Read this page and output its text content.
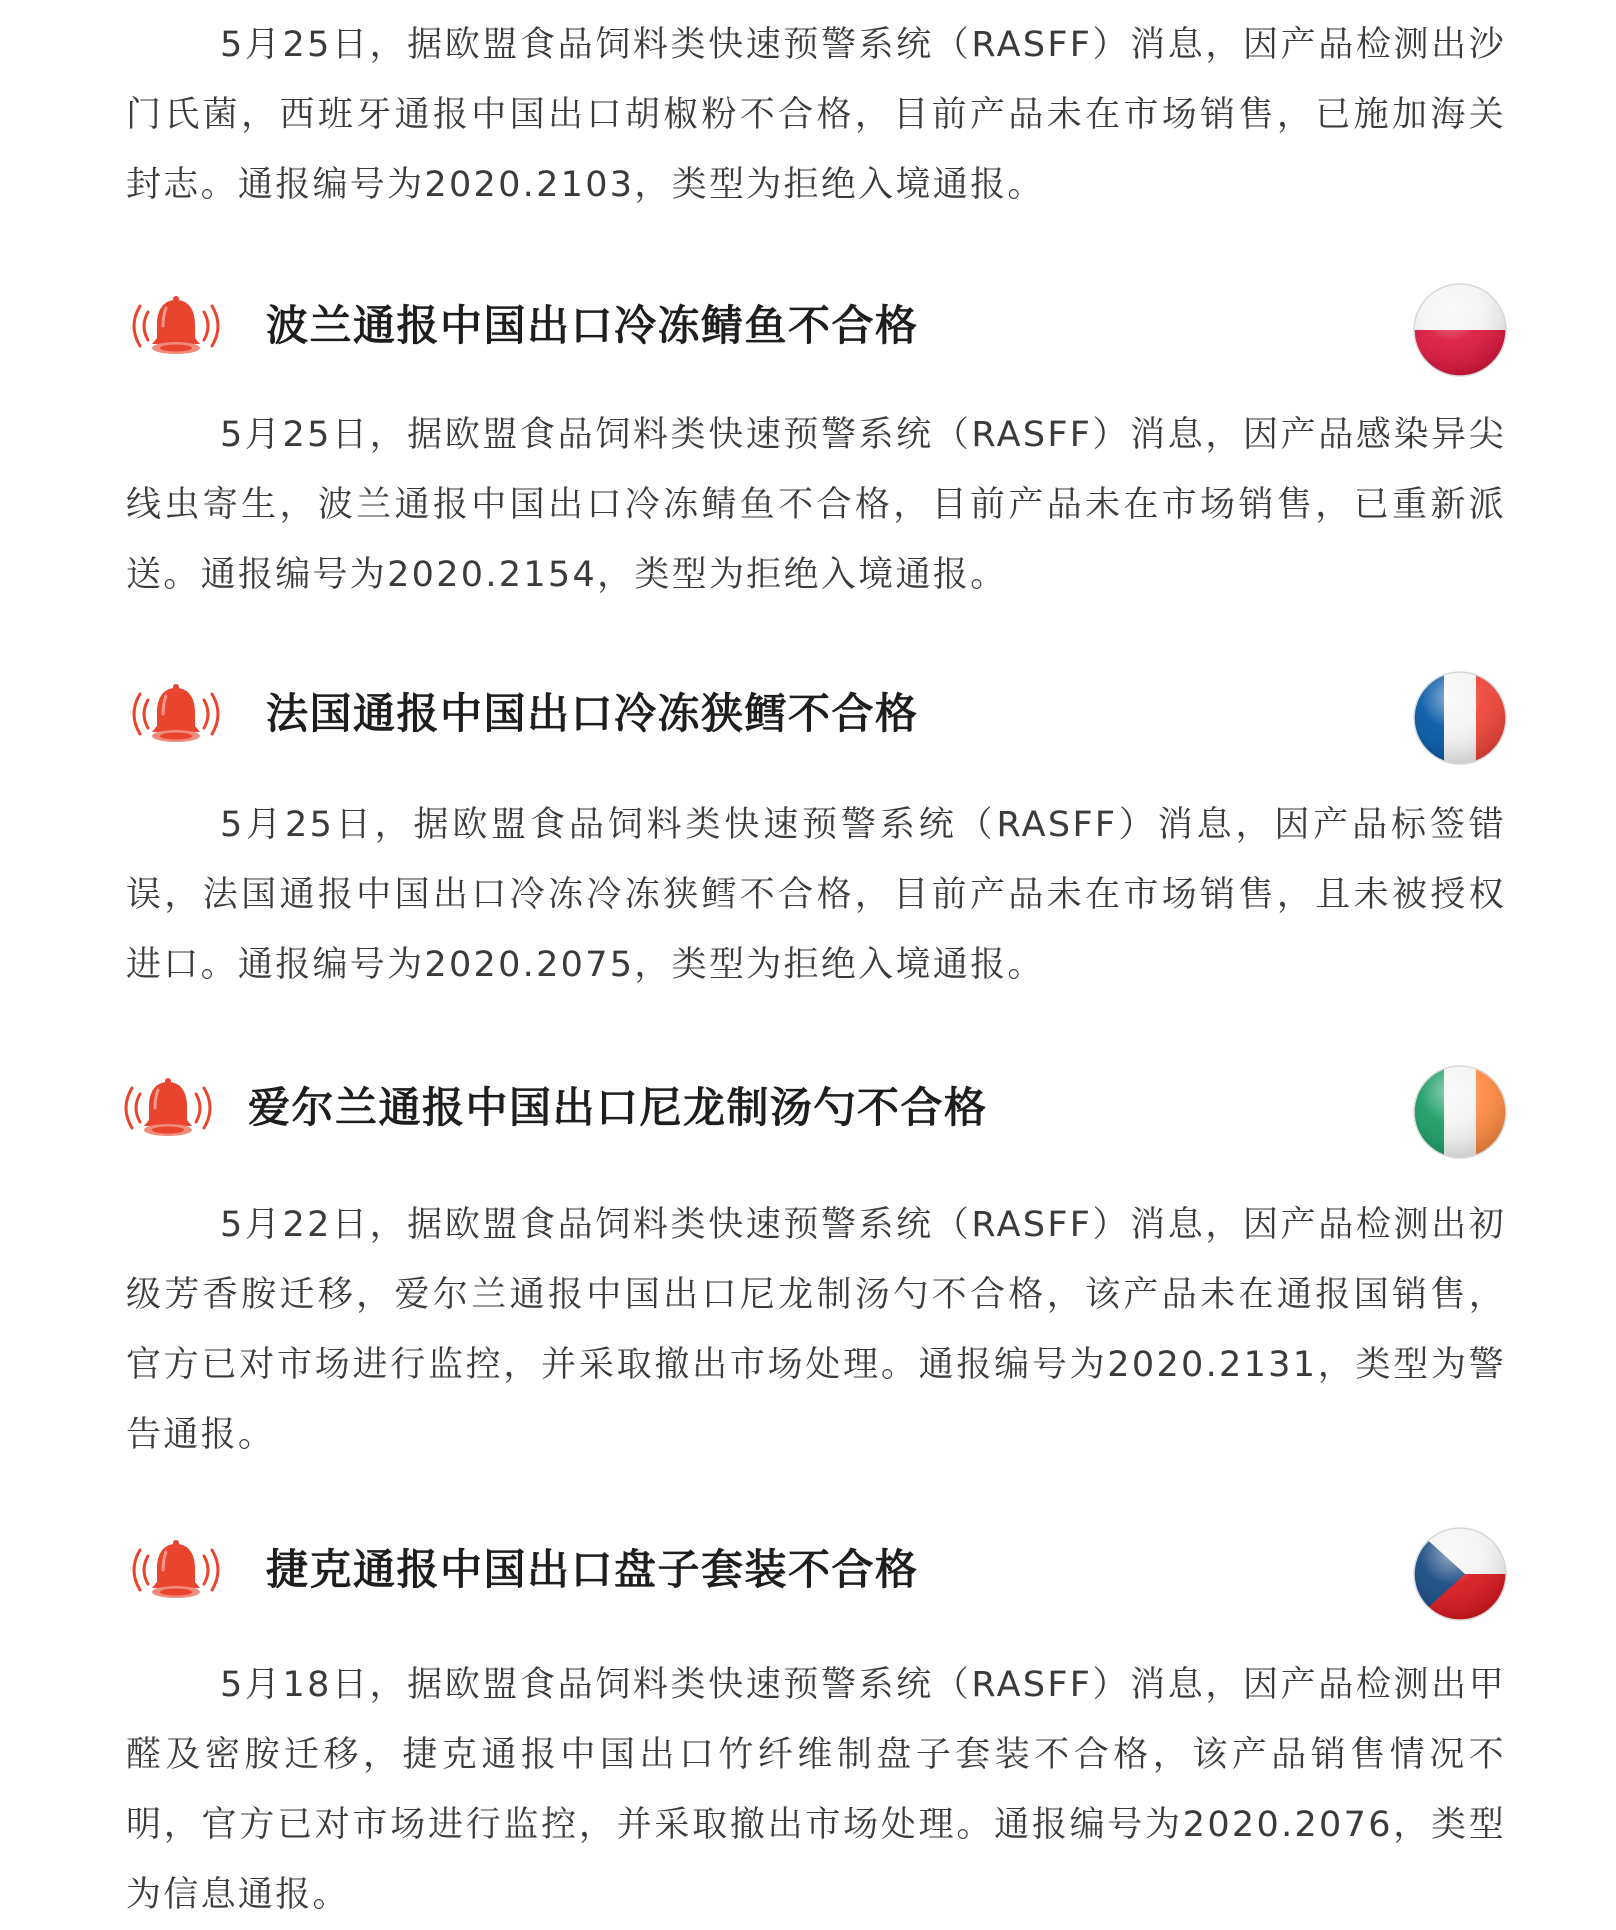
5月25日，据欧盟食品饲料类快速预警系统（RASFF）消息，因产品检测出沙门氏菌，西班牙通报中国出口胡椒粉不合格，目前产品未在市场销售，已施加海关封志。通报编号为2020.2103，类型为拒绝入境通报。

波兰通报中国出口冷冻鲭鱼不合格

5月25日，据欧盟食品饲料类快速预警系统（RASFF）消息，因产品感染异尖线虫寄生，波兰通报中国出口冷冻鲭鱼不合格，目前产品未在市场销售，已重新派送。通报编号为2020.2154，类型为拒绝入境通报。

法国通报中国出口冷冻狭鳕不合格

5月25日，据欧盟食品饲料类快速预警系统（RASFF）消息，因产品标签错误，法国通报中国出口冷冻冷冻狭鳕不合格，目前产品未在市场销售，且未被授权进口。通报编号为2020.2075，类型为拒绝入境通报。

爱尔兰通报中国出口尼龙制汤勺不合格

5月22日，据欧盟食品饲料类快速预警系统（RASFF）消息，因产品检测出初级芳香胺迁移，爱尔兰通报中国出口尼龙制汤勺不合格，该产品未在通报国销售，官方已对市场进行监控，并采取撤出市场处理。通报编号为2020.2131，类型为警告通报。

捷克通报中国出口盘子套装不合格

5月18日，据欧盟食品饲料类快速预警系统（RASFF）消息，因产品检测出甲醛及密胺迁移，捷克通报中国出口竹纤维制盘子套装不合格，该产品销售情况不明，官方已对市场进行监控，并采取撤出市场处理。通报编号为2020.2076，类型为信息通报。
